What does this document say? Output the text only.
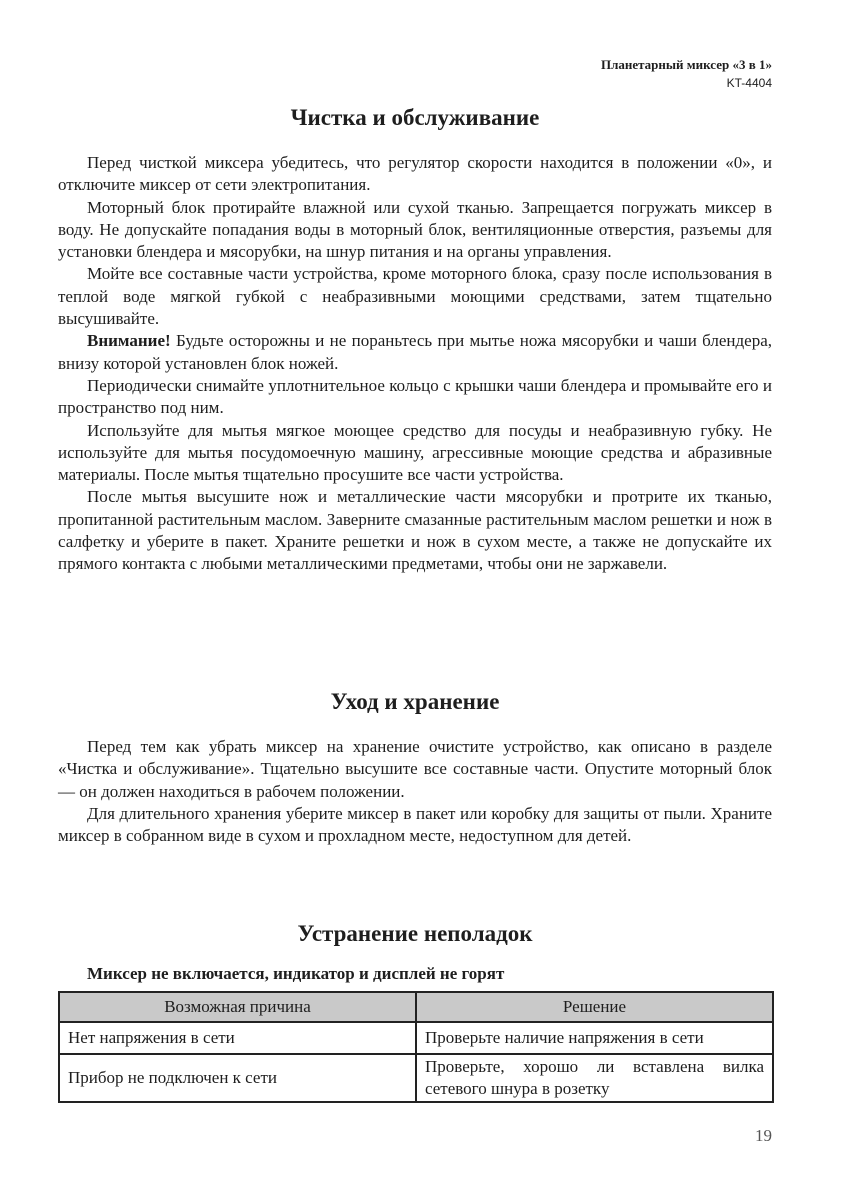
Планетарный миксер «3 в 1»
KT-4404
Чистка и обслуживание

Перед чисткой миксера убедитесь, что регулятор скорости находится в положении «0», и отключите миксер от сети электропитания.

Моторный блок протирайте влажной или сухой тканью. Запрещается погружать миксер в воду. Не допускайте попадания воды в моторный блок, вентиляционные отверстия, разъемы для установки блендера и мясорубки, на шнур питания и на органы управления.

Мойте все составные части устройства, кроме моторного блока, сразу после использования в теплой воде мягкой губкой с неабразивными моющими средствами, затем тщательно высушивайте.

Внимание! Будьте осторожны и не пораньтесь при мытье ножа мясорубки и чаши блендера, внизу которой установлен блок ножей.

Периодически снимайте уплотнительное кольцо с крышки чаши блендера и промывайте его и пространство под ним.

Используйте для мытья мягкое моющее средство для посуды и неабразивную губку. Не используйте для мытья посудомоечную машину, агрессивные моющие средства и абразивные материалы. После мытья тщательно просушите все части устройства.

После мытья высушите нож и металлические части мясорубки и протрите их тканью, пропитанной растительным маслом. Заверните смазанные растительным маслом решетки и нож в салфетку и уберите в пакет. Храните решетки и нож в сухом месте, а также не допускайте их прямого контакта с любыми металлическими предметами, чтобы они не заржавели.

Уход и хранение

Перед тем как убрать миксер на хранение очистите устройство, как описано в разделе «Чистка и обслуживание». Тщательно высушите все составные части. Опустите моторный блок — он должен находиться в рабочем положении.

Для длительного хранения уберите миксер в пакет или коробку для защиты от пыли. Храните миксер в собранном виде в сухом и прохладном месте, недоступном для детей.

Устранение неполадок

Миксер не включается, индикатор и дисплей не горят

Возможная причина	Решение
Нет напряжения в сети	Проверьте наличие напряжения в сети
Прибор не подключен к сети	Проверьте, хорошо ли вставлена вилка сетевого шнура в розетку
19
